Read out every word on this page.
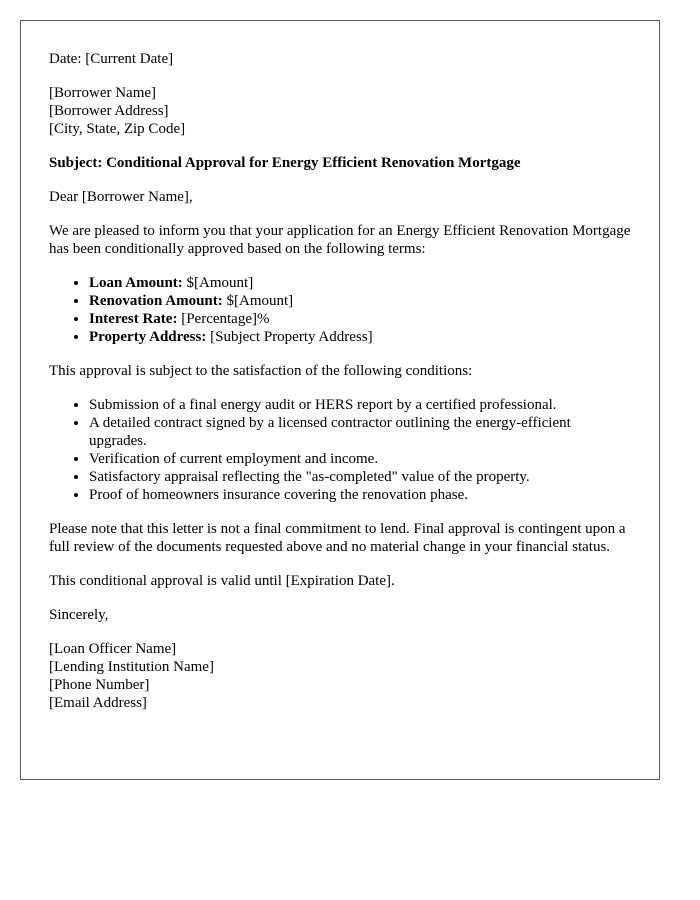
Date: [Current Date]

[Borrower Name]
[Borrower Address]
[City, State, Zip Code]

Subject: Conditional Approval for Energy Efficient Renovation Mortgage

Dear [Borrower Name],

We are pleased to inform you that your application for an Energy Efficient Renovation Mortgage has been conditionally approved based on the following terms:

• Loan Amount: $[Amount]
• Renovation Amount: $[Amount]
• Interest Rate: [Percentage]%
• Property Address: [Subject Property Address]

This approval is subject to the satisfaction of the following conditions:

• Submission of a final energy audit or HERS report by a certified professional.
• A detailed contract signed by a licensed contractor outlining the energy-efficient upgrades.
• Verification of current employment and income.
• Satisfactory appraisal reflecting the "as-completed" value of the property.
• Proof of homeowners insurance covering the renovation phase.

Please note that this letter is not a final commitment to lend. Final approval is contingent upon a full review of the documents requested above and no material change in your financial status.

This conditional approval is valid until [Expiration Date].

Sincerely,

[Loan Officer Name]
[Lending Institution Name]
[Phone Number]
[Email Address]
